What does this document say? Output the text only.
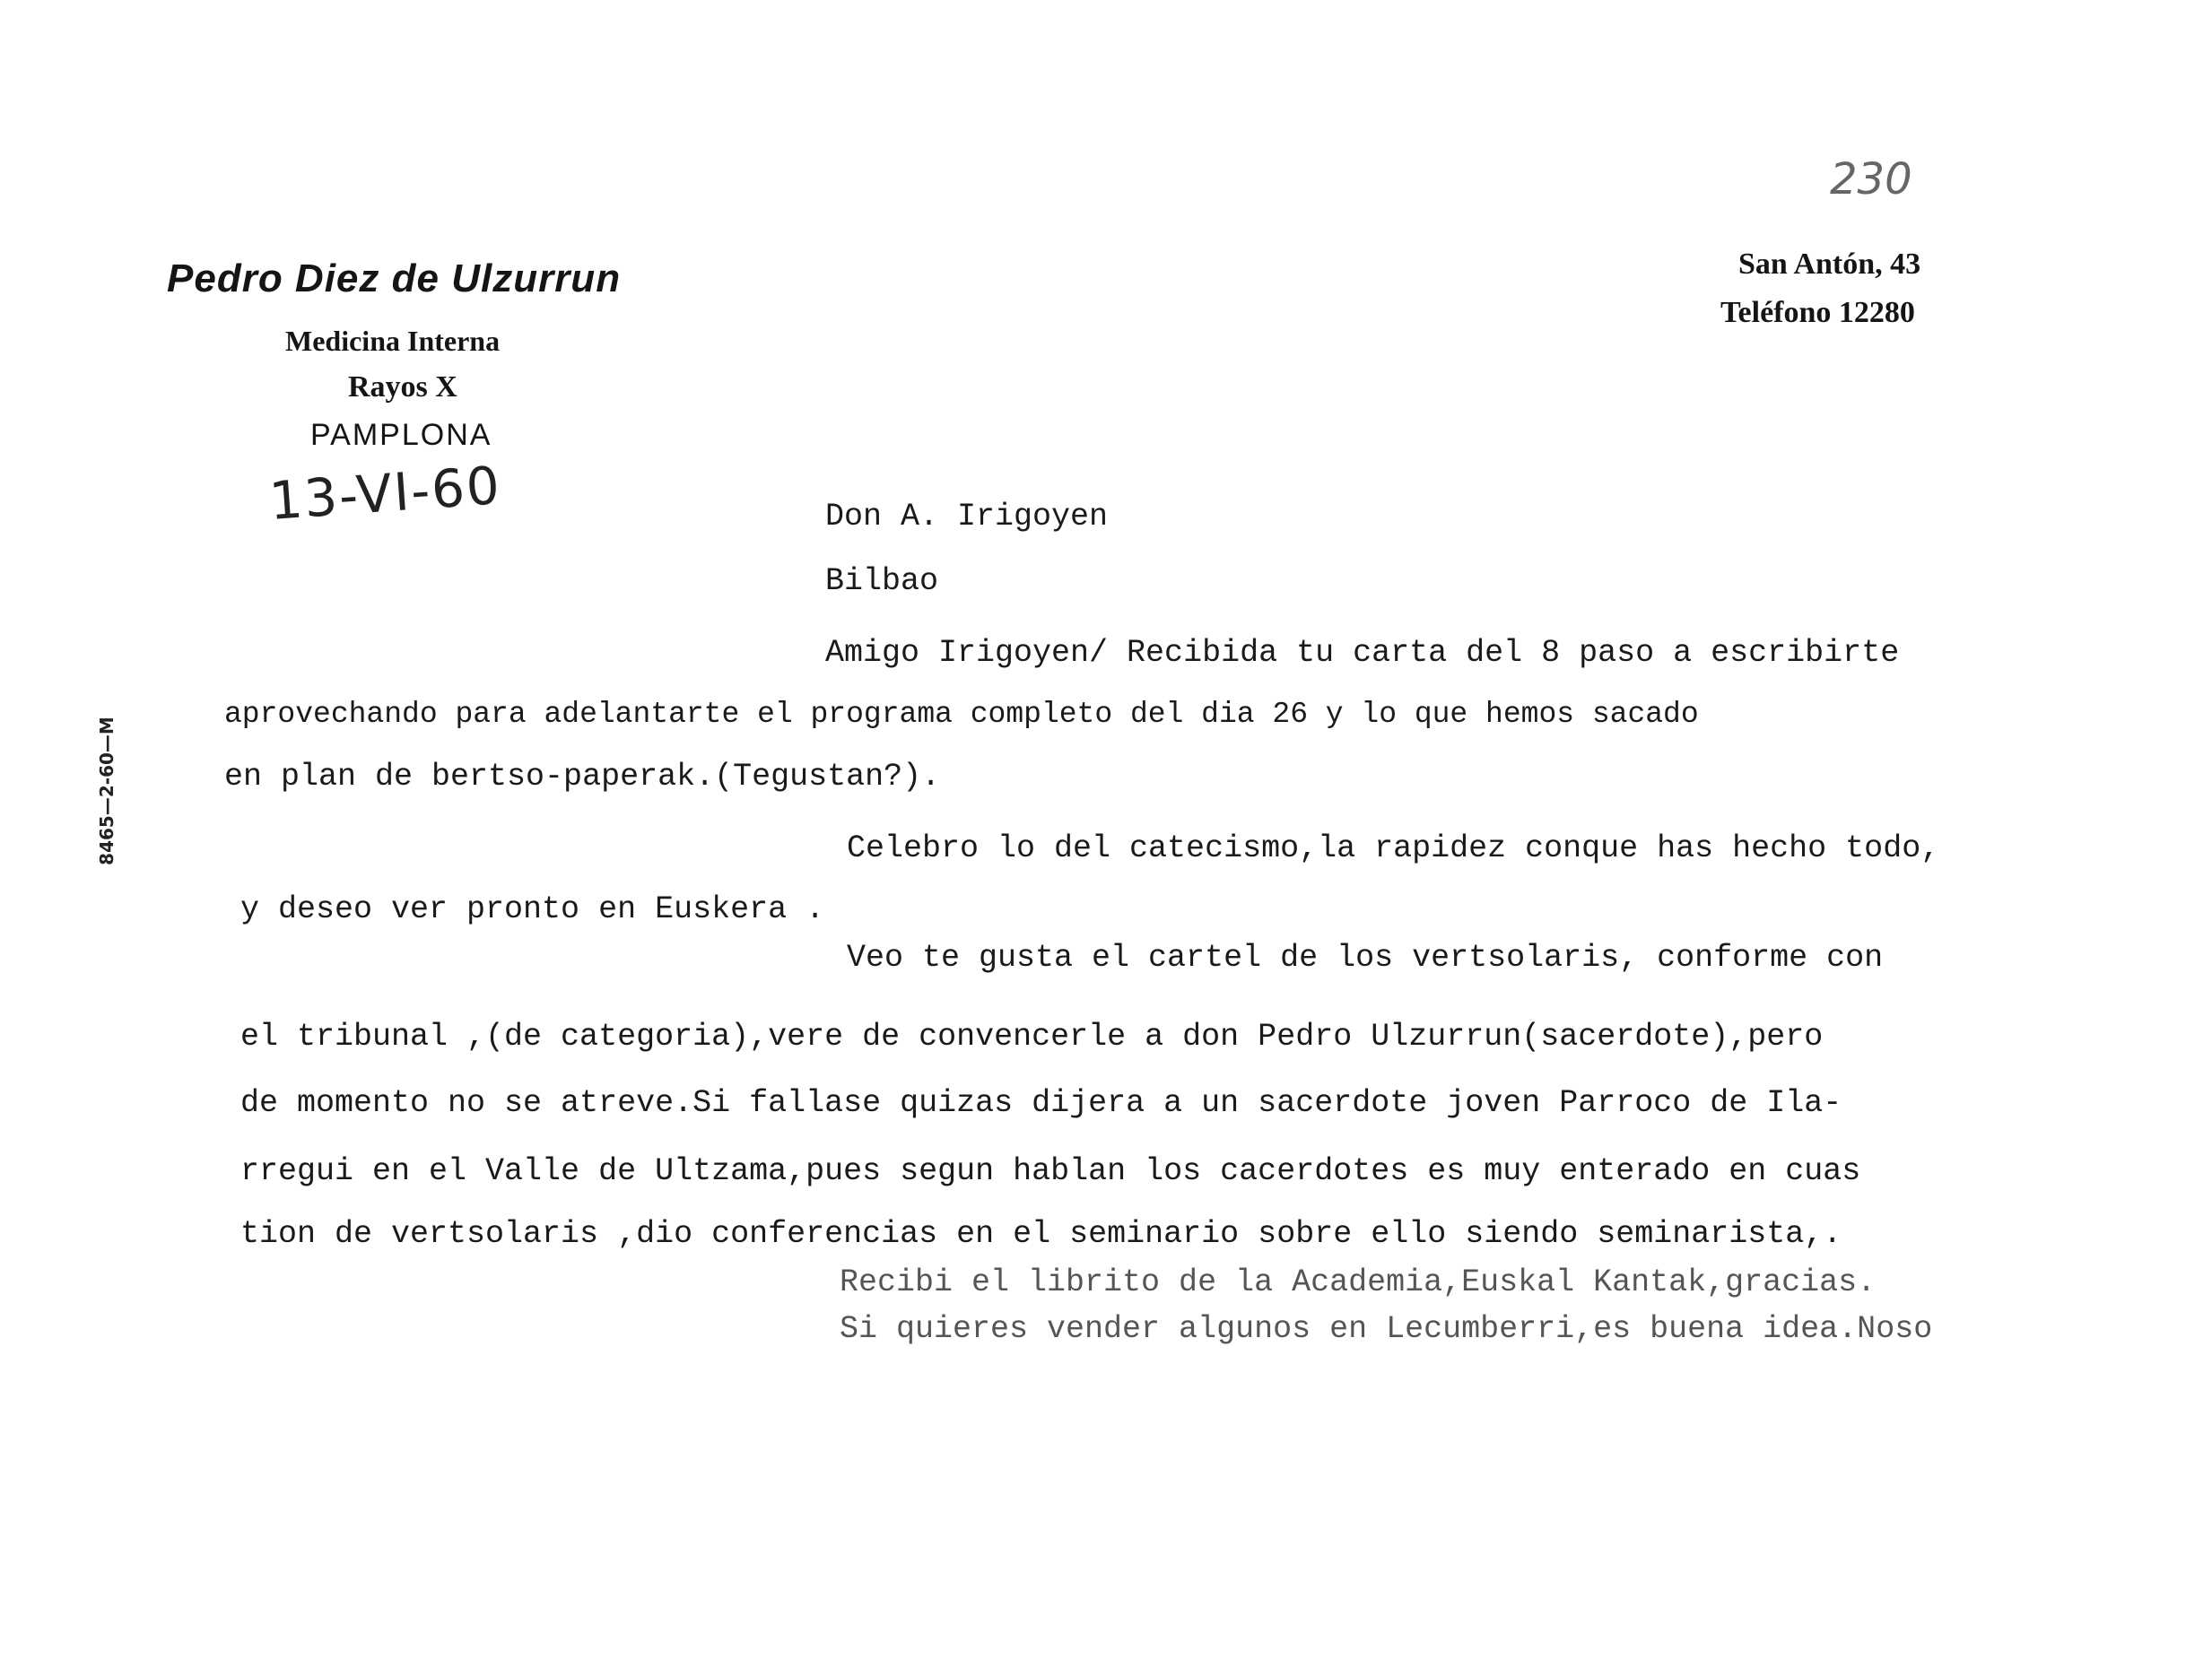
Pedro Diez de Ulzurrun
Medicina Interna
Rayos X
PAMPLONA
San Antón, 43
Teléfono 12280
13-VI-60
230
8465—2-60—M
Don A. Irigoyen
Bilbao
Amigo Irigoyen/ Recibida tu carta del 8 paso a escribirte
aprovechando para adelantarte el programa completo del dia 26 y lo que hemos sacado
en plan de bertso-paperak.(Tegustan?).
Celebro lo del catecismo,la rapidez conque has hecho todo,
y deseo ver pronto en Euskera .
Veo te gusta el cartel de los vertsolaris, conforme con
el tribunal ,(de categoria),vere de convencerle a don Pedro Ulzurrun(sacerdote),pero
de momento no se atreve.Si fallase quizas dijera a un sacerdote joven Parroco de Ila-
rregui en el Valle de Ultzama,pues segun hablan los cacerdotes es muy enterado en cuas
tion de vertsolaris ,dio conferencias en el seminario sobre ello siendo seminarista,.
Recibi el librito de la Academia,Euskal Kantak,gracias.
Si quieres vender algunos en Lecumberri,es buena idea.Noso
